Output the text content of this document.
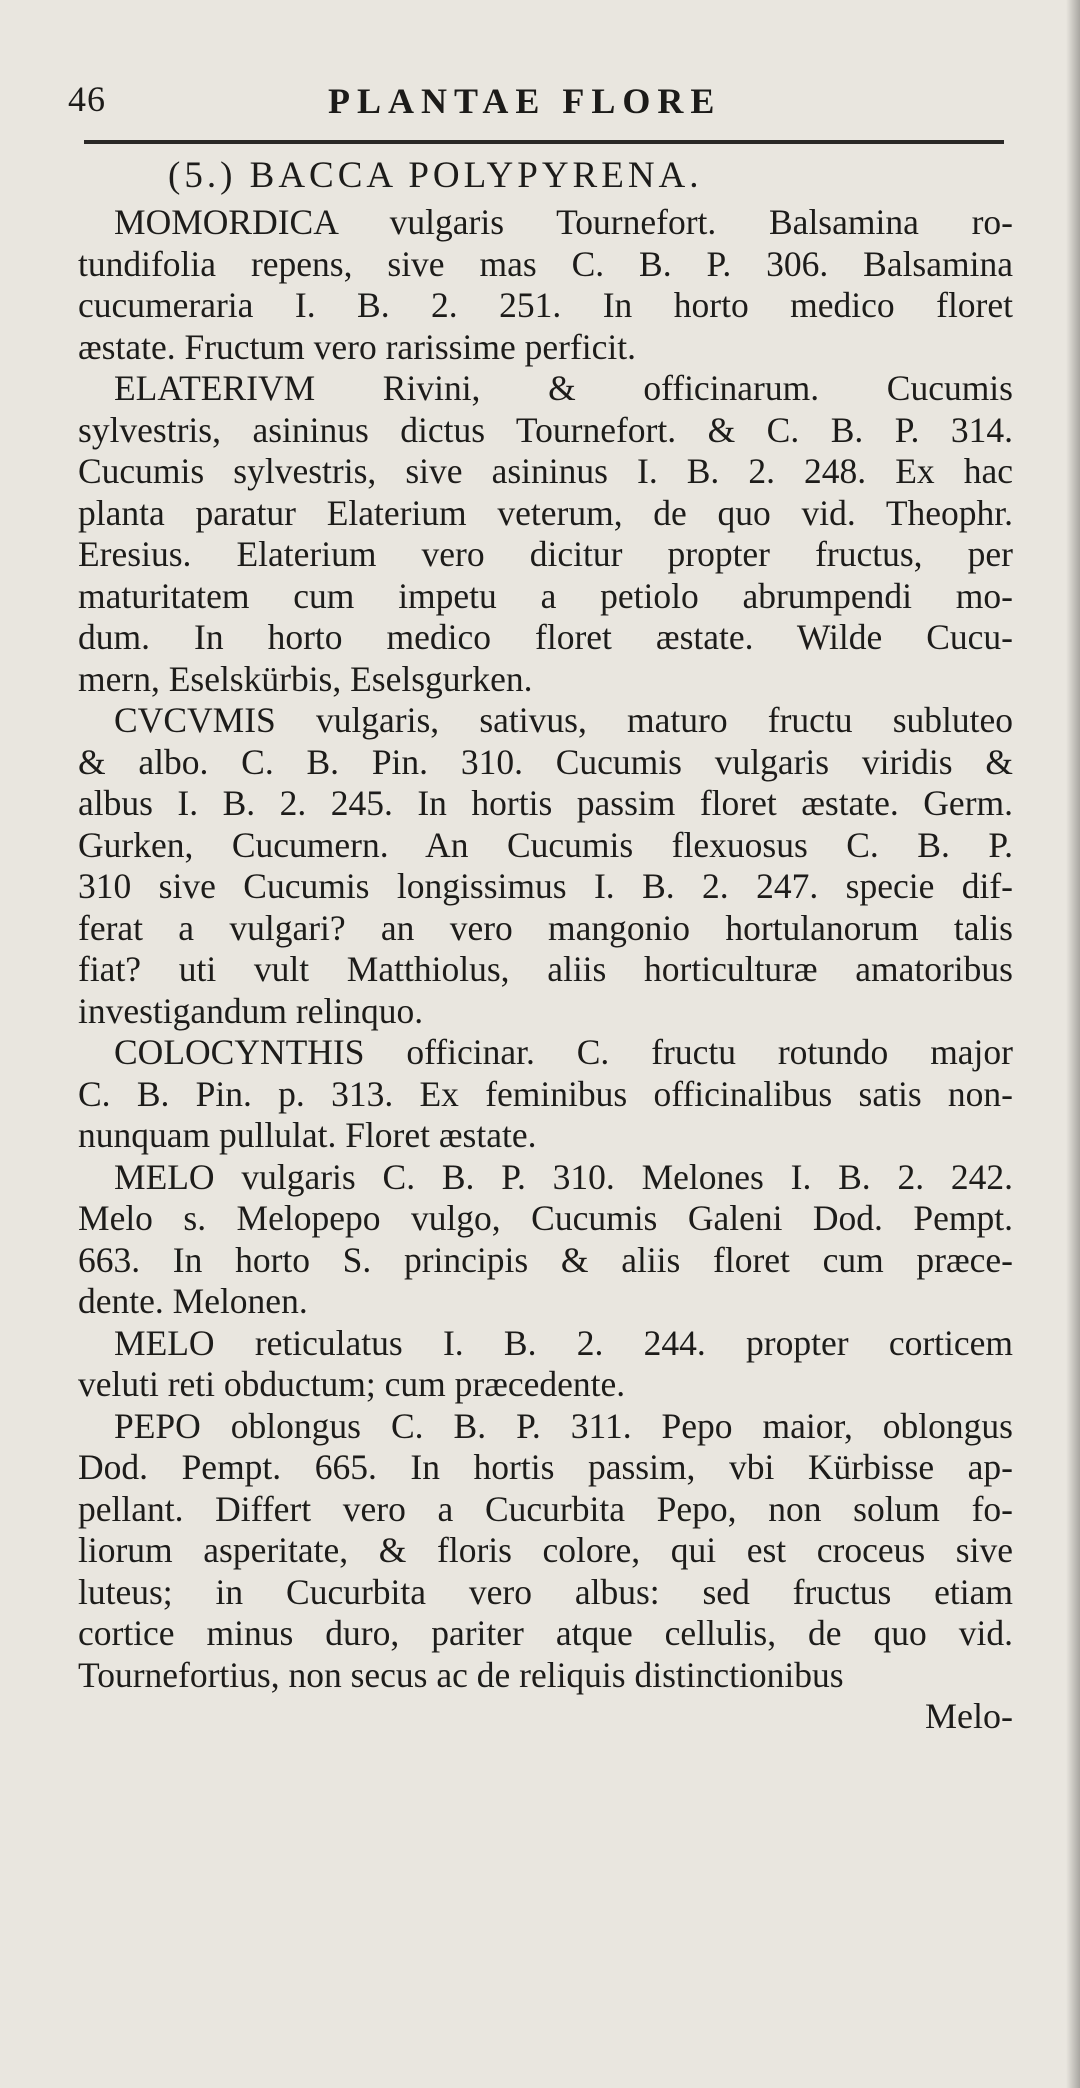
46	PLANTAE FLORE
(5.) BACCA POLYPYRENA.
MOMORDICA vulgaris Tournefort. Balsamina ro-
tundifolia repens, sive mas C. B. P. 306. Balsamina
cucumeraria I. B. 2. 251. In horto medico floret
æstate. Fructum vero rarissime perficit.
ELATERIVM Rivini, & officinarum. Cucumis
sylvestris, asininus dictus Tournefort. & C. B. P. 314.
Cucumis sylvestris, sive asininus I. B. 2. 248. Ex hac
planta paratur Elaterium veterum, de quo vid. Theophr.
Eresius. Elaterium vero dicitur propter fructus, per
maturitatem cum impetu a petiolo abrumpendi mo-
dum. In horto medico floret æstate. Wilde Cucu-
mern, Eselskürbis, Eselsgurken.
CVCVMIS vulgaris, sativus, maturo fructu subluteo
& albo. C. B. Pin. 310. Cucumis vulgaris viridis &
albus I. B. 2. 245. In hortis passim floret æstate. Germ.
Gurken, Cucumern. An Cucumis flexuosus C. B. P.
310 sive Cucumis longissimus I. B. 2. 247. specie dif-
ferat a vulgari? an vero mangonio hortulanorum talis
fiat? uti vult Matthiolus, aliis horticulturæ amatoribus
investigandum relinquo.
COLOCYNTHIS officinar. C. fructu rotundo major
C. B. Pin. p. 313. Ex feminibus officinalibus satis non-
nunquam pullulat. Floret æstate.
MELO vulgaris C. B. P. 310. Melones I. B. 2. 242.
Melo s. Melopepo vulgo, Cucumis Galeni Dod. Pempt.
663. In horto S. principis & aliis floret cum præce-
dente. Melonen.
MELO reticulatus I. B. 2. 244. propter corticem
veluti reti obductum; cum præcedente.
PEPO oblongus C. B. P. 311. Pepo maior, oblongus
Dod. Pempt. 665. In hortis passim, vbi Kürbisse ap-
pellant. Differt vero a Cucurbita Pepo, non solum fo-
liorum asperitate, & floris colore, qui est croceus sive
luteus; in Cucurbita vero albus: sed fructus etiam
cortice minus duro, pariter atque cellulis, de quo vid.
Tournefortius, non secus ac de reliquis distinctionibus
Melo-
